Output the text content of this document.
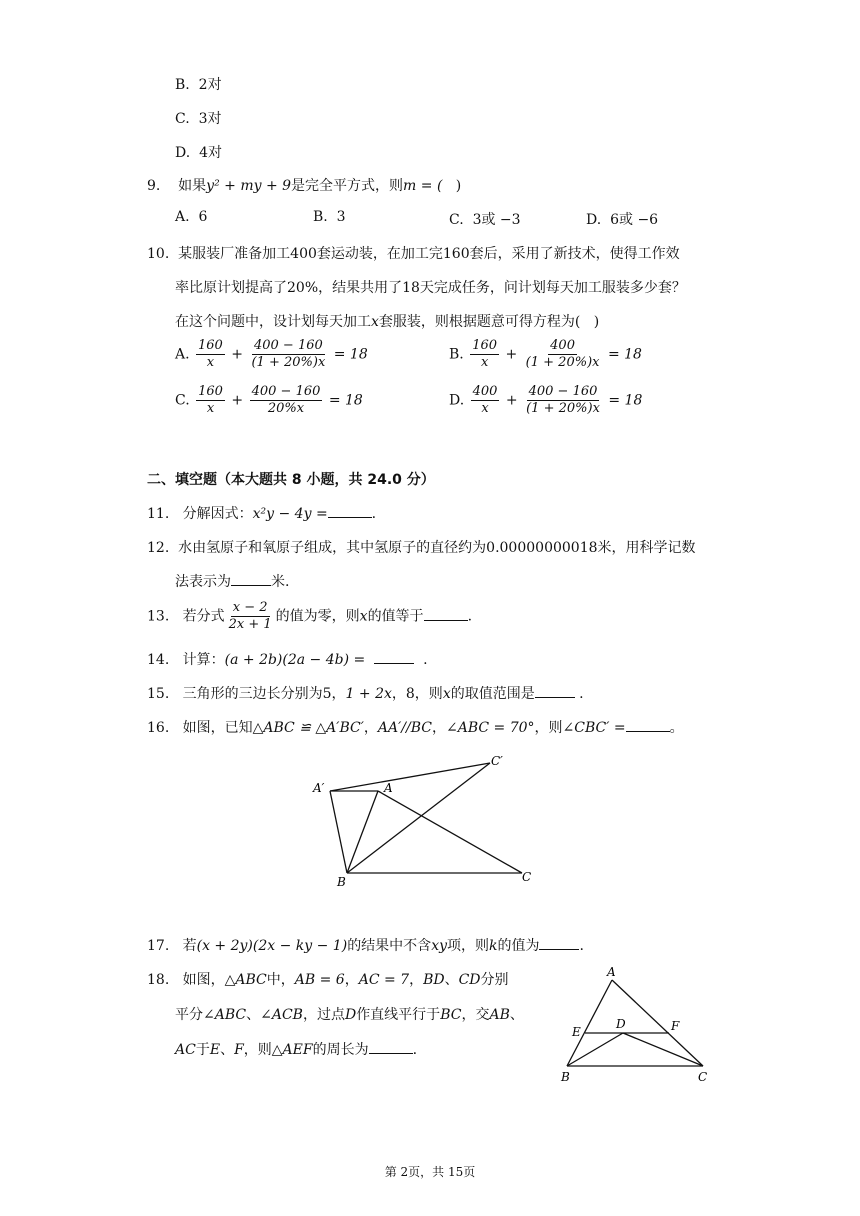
B. 2对
C. 3对
D. 4对
9. 如果y² + my + 9是完全平方式，则m = ( )
A. 6	B. 3	C. 3或 −3	D. 6或 −6
10. 某服装厂准备加工400套运动装，在加工完160套后，采用了新技术，使得工作效
率比原计划提高了20%，结果共用了18天完成任务，问计划每天加工服装多少套？
在这个问题中，设计划每天加工x套服装，则根据题意可得方程为( )
A. $\frac{160}{x} + \frac{400 - 160}{(1 + 20\%)x} = 18$	B. $\frac{160}{x} + \frac{400}{(1 + 20\%)x} = 18$
C. $\frac{160}{x} + \frac{400 - 160}{20\%x} = 18$	D. $\frac{400}{x} + \frac{400 - 160}{(1 + 20\%)x} = 18$
二、填空题（本大题共 8 小题，共 24.0 分）
11. 分解因式：x²y − 4y =	.
12. 水由氢原子和氧原子组成，其中氢原子的直径约为0.00000000018米，用科学记数
法表示为	米.
13. 若分式 $\frac{x - 2}{2x + 1}$ 的值为零，则x的值等于	.
14. 计算：(a + 2b)(2a − 4b) =	.
15. 三角形的三边长分别为5，1 + 2x，8，则x的取值范围是	.
16. 如图，已知△ABC ≌ △A′BC′，AA′//BC，∠ABC = 70°，则∠CBC′ =	。
A′	A
C′
B	C
17. 若(x + 2y)(2x − ky − 1)的结果中不含xy项，则k的值为	.
18. 如图，△ABC中，AB = 6，AC = 7，BD、CD分别
平分∠ABC、∠ACB，过点D作直线平行于BC，交AB、
AC于E、F，则△AEF的周长为	.
A
E
D	F
B	C
第 2页，共 15页
